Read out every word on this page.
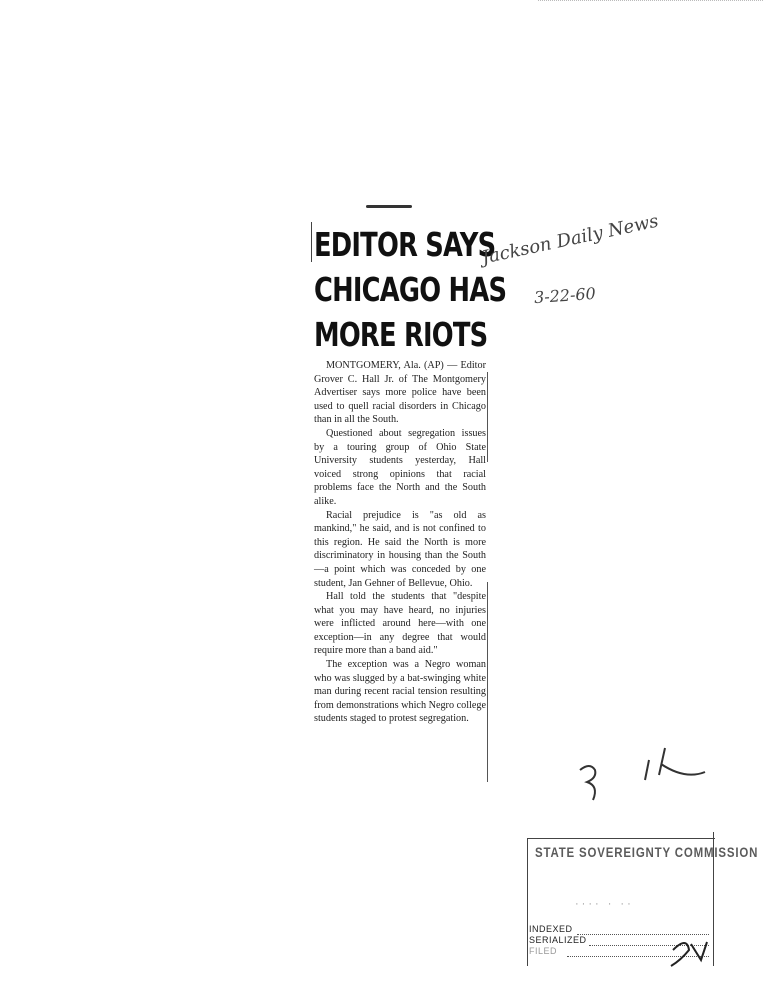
EDITOR SAYS
CHICAGO HAS
MORE RIOTS

MONTGOMERY, Ala. (AP) — Editor Grover C. Hall Jr. of The Montgomery Advertiser says more police have been used to quell racial disorders in Chicago than in all the South.

Questioned about segregation issues by a touring group of Ohio State University students yesterday, Hall voiced strong opinions that racial problems face the North and the South alike.

Racial prejudice is "as old as mankind," he said, and is not confined to this region. He said the North is more discriminatory in housing than the South—a point which was conceded by one student, Jan Gehner of Bellevue, Ohio.

Hall told the students that "despite what you may have heard, no injuries were inflicted around here—with one exception—in any degree that would require more than a band aid."

The exception was a Negro woman who was slugged by a bat-swinging white man during recent racial tension resulting from demonstrations which Negro college students staged to protest segregation.

Jackson Daily News
3-22-60
STATE SOVEREIGNTY COMMISSION
···· · ··
INDEXED
SERIALIZED
FILED
